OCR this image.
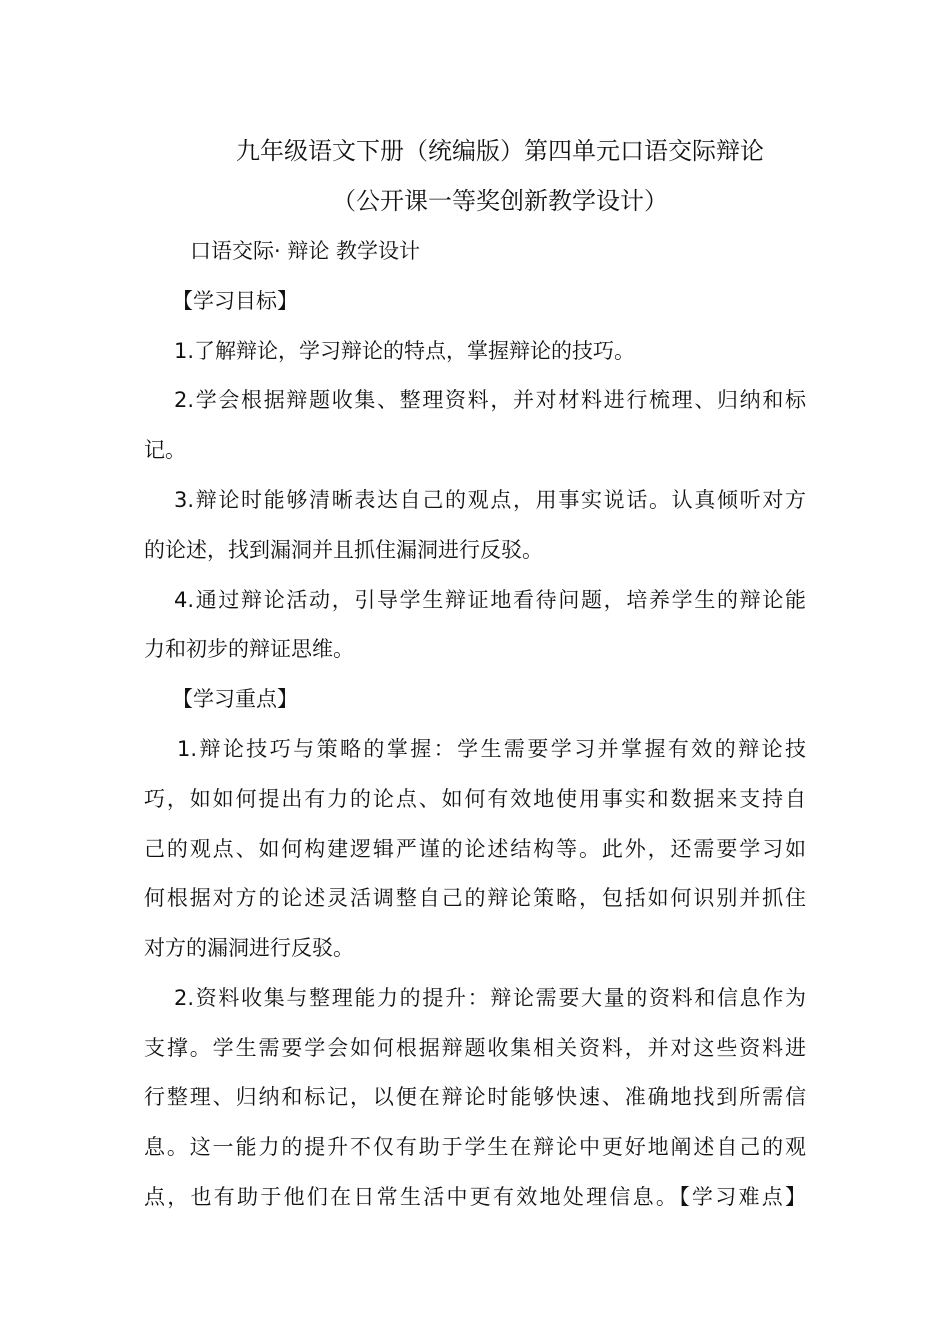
九年级语文下册（统编版）第四单元口语交际辩论
（公开课一等奖创新教学设计）
口语交际· 辩论 教学设计
【学习目标】
1.了解辩论，学习辩论的特点，掌握辩论的技巧。
2.学会根据辩题收集、整理资料，并对材料进行梳理、归纳和标
记。
3.辩论时能够清晰表达自己的观点，用事实说话。认真倾听对方
的论述，找到漏洞并且抓住漏洞进行反驳。
4.通过辩论活动，引导学生辩证地看待问题，培养学生的辩论能
力和初步的辩证思维。
【学习重点】
1.辩论技巧与策略的掌握：学生需要学习并掌握有效的辩论技
巧，如如何提出有力的论点、如何有效地使用事实和数据来支持自
己的观点、如何构建逻辑严谨的论述结构等。此外，还需要学习如
何根据对方的论述灵活调整自己的辩论策略，包括如何识别并抓住
对方的漏洞进行反驳。
2.资料收集与整理能力的提升：辩论需要大量的资料和信息作为
支撑。学生需要学会如何根据辩题收集相关资料，并对这些资料进
行整理、归纳和标记，以便在辩论时能够快速、准确地找到所需信
息。这一能力的提升不仅有助于学生在辩论中更好地阐述自己的观
点，也有助于他们在日常生活中更有效地处理信息。【学习难点】
